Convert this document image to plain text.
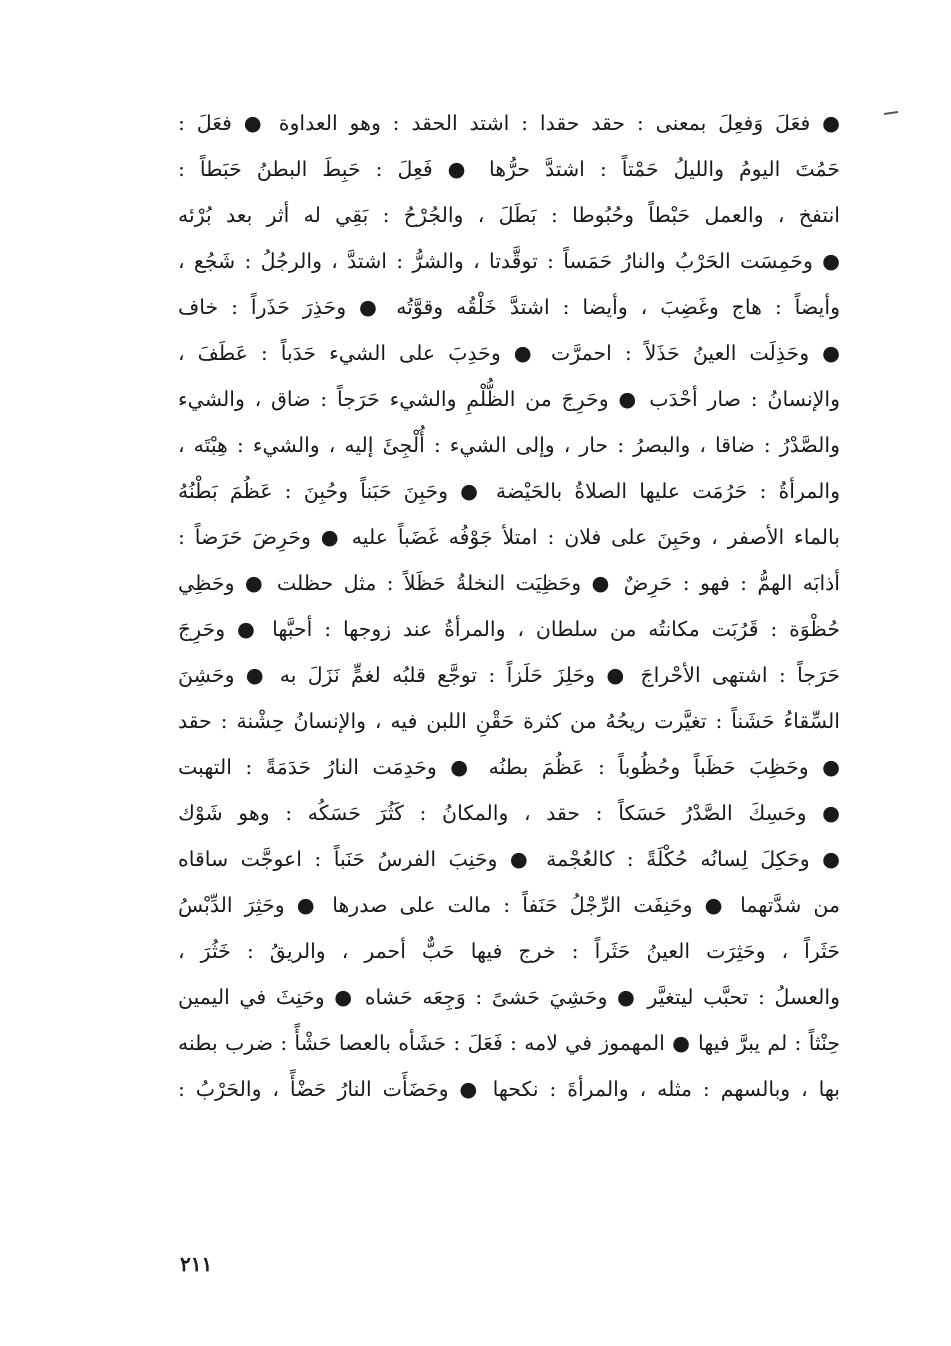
● فعَلَ وَفعِلَ بمعنى : حقد حقدا : اشتد الحقد : وهو العداوة ● فعَلَ :
حَمُتَ اليومُ والليلُ حَمْتاً : اشتدَّ حرُّها ● فَعِلَ : حَبِطَ البطنُ حَبَطاً :
انتفخ ، والعمل حَبْطاً وحُبُوطا : بَطَلَ ، والجُرْحُ : بَقِي له أثر بعد بُرْئه
● وحَمِسَت الحَرْبُ والنارُ حَمَساً : توقَّدتا ، والشرُّ : اشتدَّ ، والرجُلُ : شَجُع ،
وأيضاً : هاج وغَضِبَ ، وأيضا : اشتدَّ خَلْقُه وقوَّتُه ● وحَذِرَ حَذَراً : خاف
● وحَذِلَت العينُ حَذَلاً : احمرَّت ● وحَدِبَ على الشيء حَدَباً : عَطَفَ ،
والإنسانُ : صار أحْدَب ● وحَرِجَ من الظُّلْمِ والشيء حَرَجاً : ضاق ، والشيء
والصَّدْرُ : ضاقا ، والبصرُ : حار ، وإلى الشيء : أُلْجِئَ إليه ، والشيء : هِبْتَه ،
والمرأةُ : حَرُمَت عليها الصلاةُ بالحَيْضة ● وحَبِنَ حَبَناً وحُبِنَ : عَظُمَ بَطْنُهُ
بالماء الأصفر ، وحَبِنَ على فلان : امتلأ جَوْفُه غَضَباً عليه ● وحَرِضَ حَرَضاً :
أذابَه الهمُّ : فهو : حَرِضٌ ● وحَظِيَت النخلةُ حَظَلاً : مثل حظلت ● وحَظِي
حُظْوَة : قَرُبَت مكانتُه من سلطان ، والمرأةُ عند زوجها : أحبَّها ● وحَرِجَ
حَرَجاً : اشتهى الأحْراجَ ● وحَلِزَ حَلَزاً : توجَّع قلبُه لغمٍّ نَزَلَ به ● وحَشِنَ
السِّقاءُ حَشَناً : تغيَّرت ريحُهُ من كثرة حَقْنِ اللبن فيه ، والإنسانُ حِشْنة : حقد
● وحَظِبَ حَظَباً وحُظُوباً : عَظُمَ بطنُه ● وحَدِمَت النارُ حَدَمَةً : التهبت
● وحَسِكَ الصَّدْرُ حَسَكاً : حقد ، والمكانُ : كَثُرَ حَسَكُه : وهو شَوْك
● وحَكِلَ لِسانُه حُكْلَةً : كالعُجْمة ● وحَنِبَ الفرسُ حَنَباً : اعوجَّت ساقاه
من شدَّتهما ● وحَنِفَت الرِّجْلُ حَنَفاً : مالت على صدرها ● وحَثِرَ الدِّبْسُ
حَثَراً ، وحَثِرَت العينُ حَثَراً : خرج فيها حَبٌّ أحمر ، والريقُ : خَثُرَ ،
والعسلُ : تحبَّب ليتغيَّر ● وحَشِيَ حَشىً : وَجِعَه حَشاه ● وحَنِثَ في اليمين
حِنْثاً : لم يبرَّ فيها ● المهموز في لامه : فَعَلَ : حَشَأه بالعصا حَشْأً : ضرب بطنه
بها ، وبالسهم : مثله ، والمرأةَ : نكحها ● وحَضَأَت النارُ حَضْأً ، والحَرْبُ :
٢١١
